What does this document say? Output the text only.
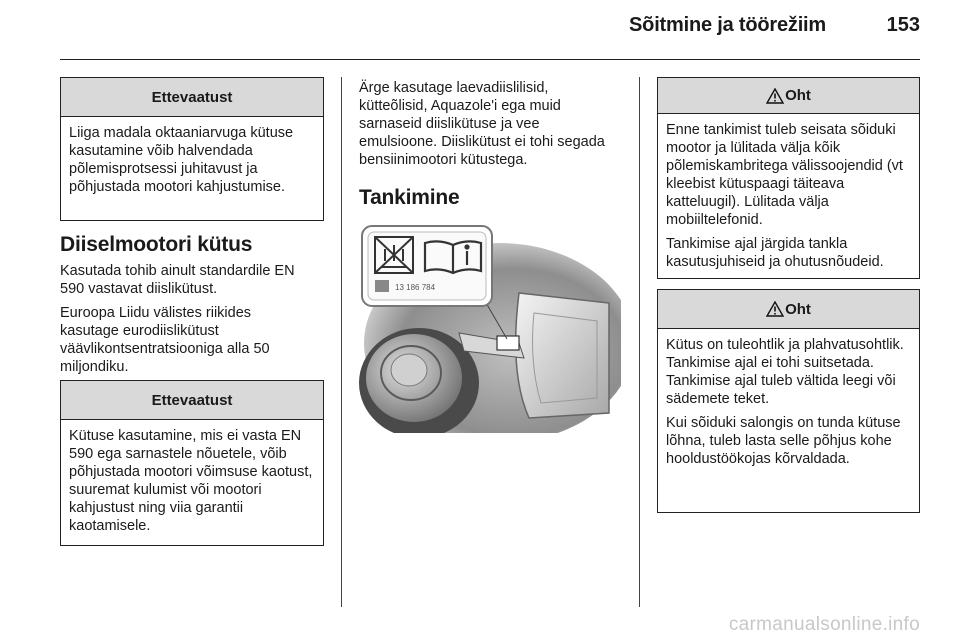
Sõitmine ja töörežiim	153
Ettevaatust

Liiga madala oktaaniarvuga kütuse kasutamine võib halvendada põlemisprotsessi juhitavust ja põhjustada mootori kahjustumise.

Diiselmootori kütus

Kasutada tohib ainult standardile EN 590 vastavat diislikütust.

Euroopa Liidu välistes riikides kasutage eurodiislikütust väävlikontsentratsiooniga alla 50 miljondiku.

Ettevaatust

Kütuse kasutamine, mis ei vasta EN 590 ega sarnastele nõuetele, võib põhjustada mootori võimsuse kaotust, suuremat kulumist või mootori kahjustust ning viia garantii kaotamisele.

Ärge kasutage laevadiislilisid, kütteõlisid, Aquazole'i ega muid sarnaseid diislikütuse ja vee emulsioone. Diislikütust ei tohi segada bensiinimootori kütustega.

Tankimine
13 186 784
Oht

Enne tankimist tuleb seisata sõiduki mootor ja lülitada välja kõik põlemiskambritega välissoojendid (vt kleebist kütuspaagi täiteava katteluugil). Lülitada välja mobiiltelefonid.

Tankimise ajal järgida tankla kasutusjuhiseid ja ohutusnõudeid.

Oht

Kütus on tuleohtlik ja plahvatusohtlik. Tankimise ajal ei tohi suitsetada. Tankimise ajal tuleb vältida leegi või sädemete teket.

Kui sõiduki salongis on tunda kütuse lõhna, tuleb lasta selle põhjus kohe hooldustöökojas kõrvaldada.

carmanualsonline.info
